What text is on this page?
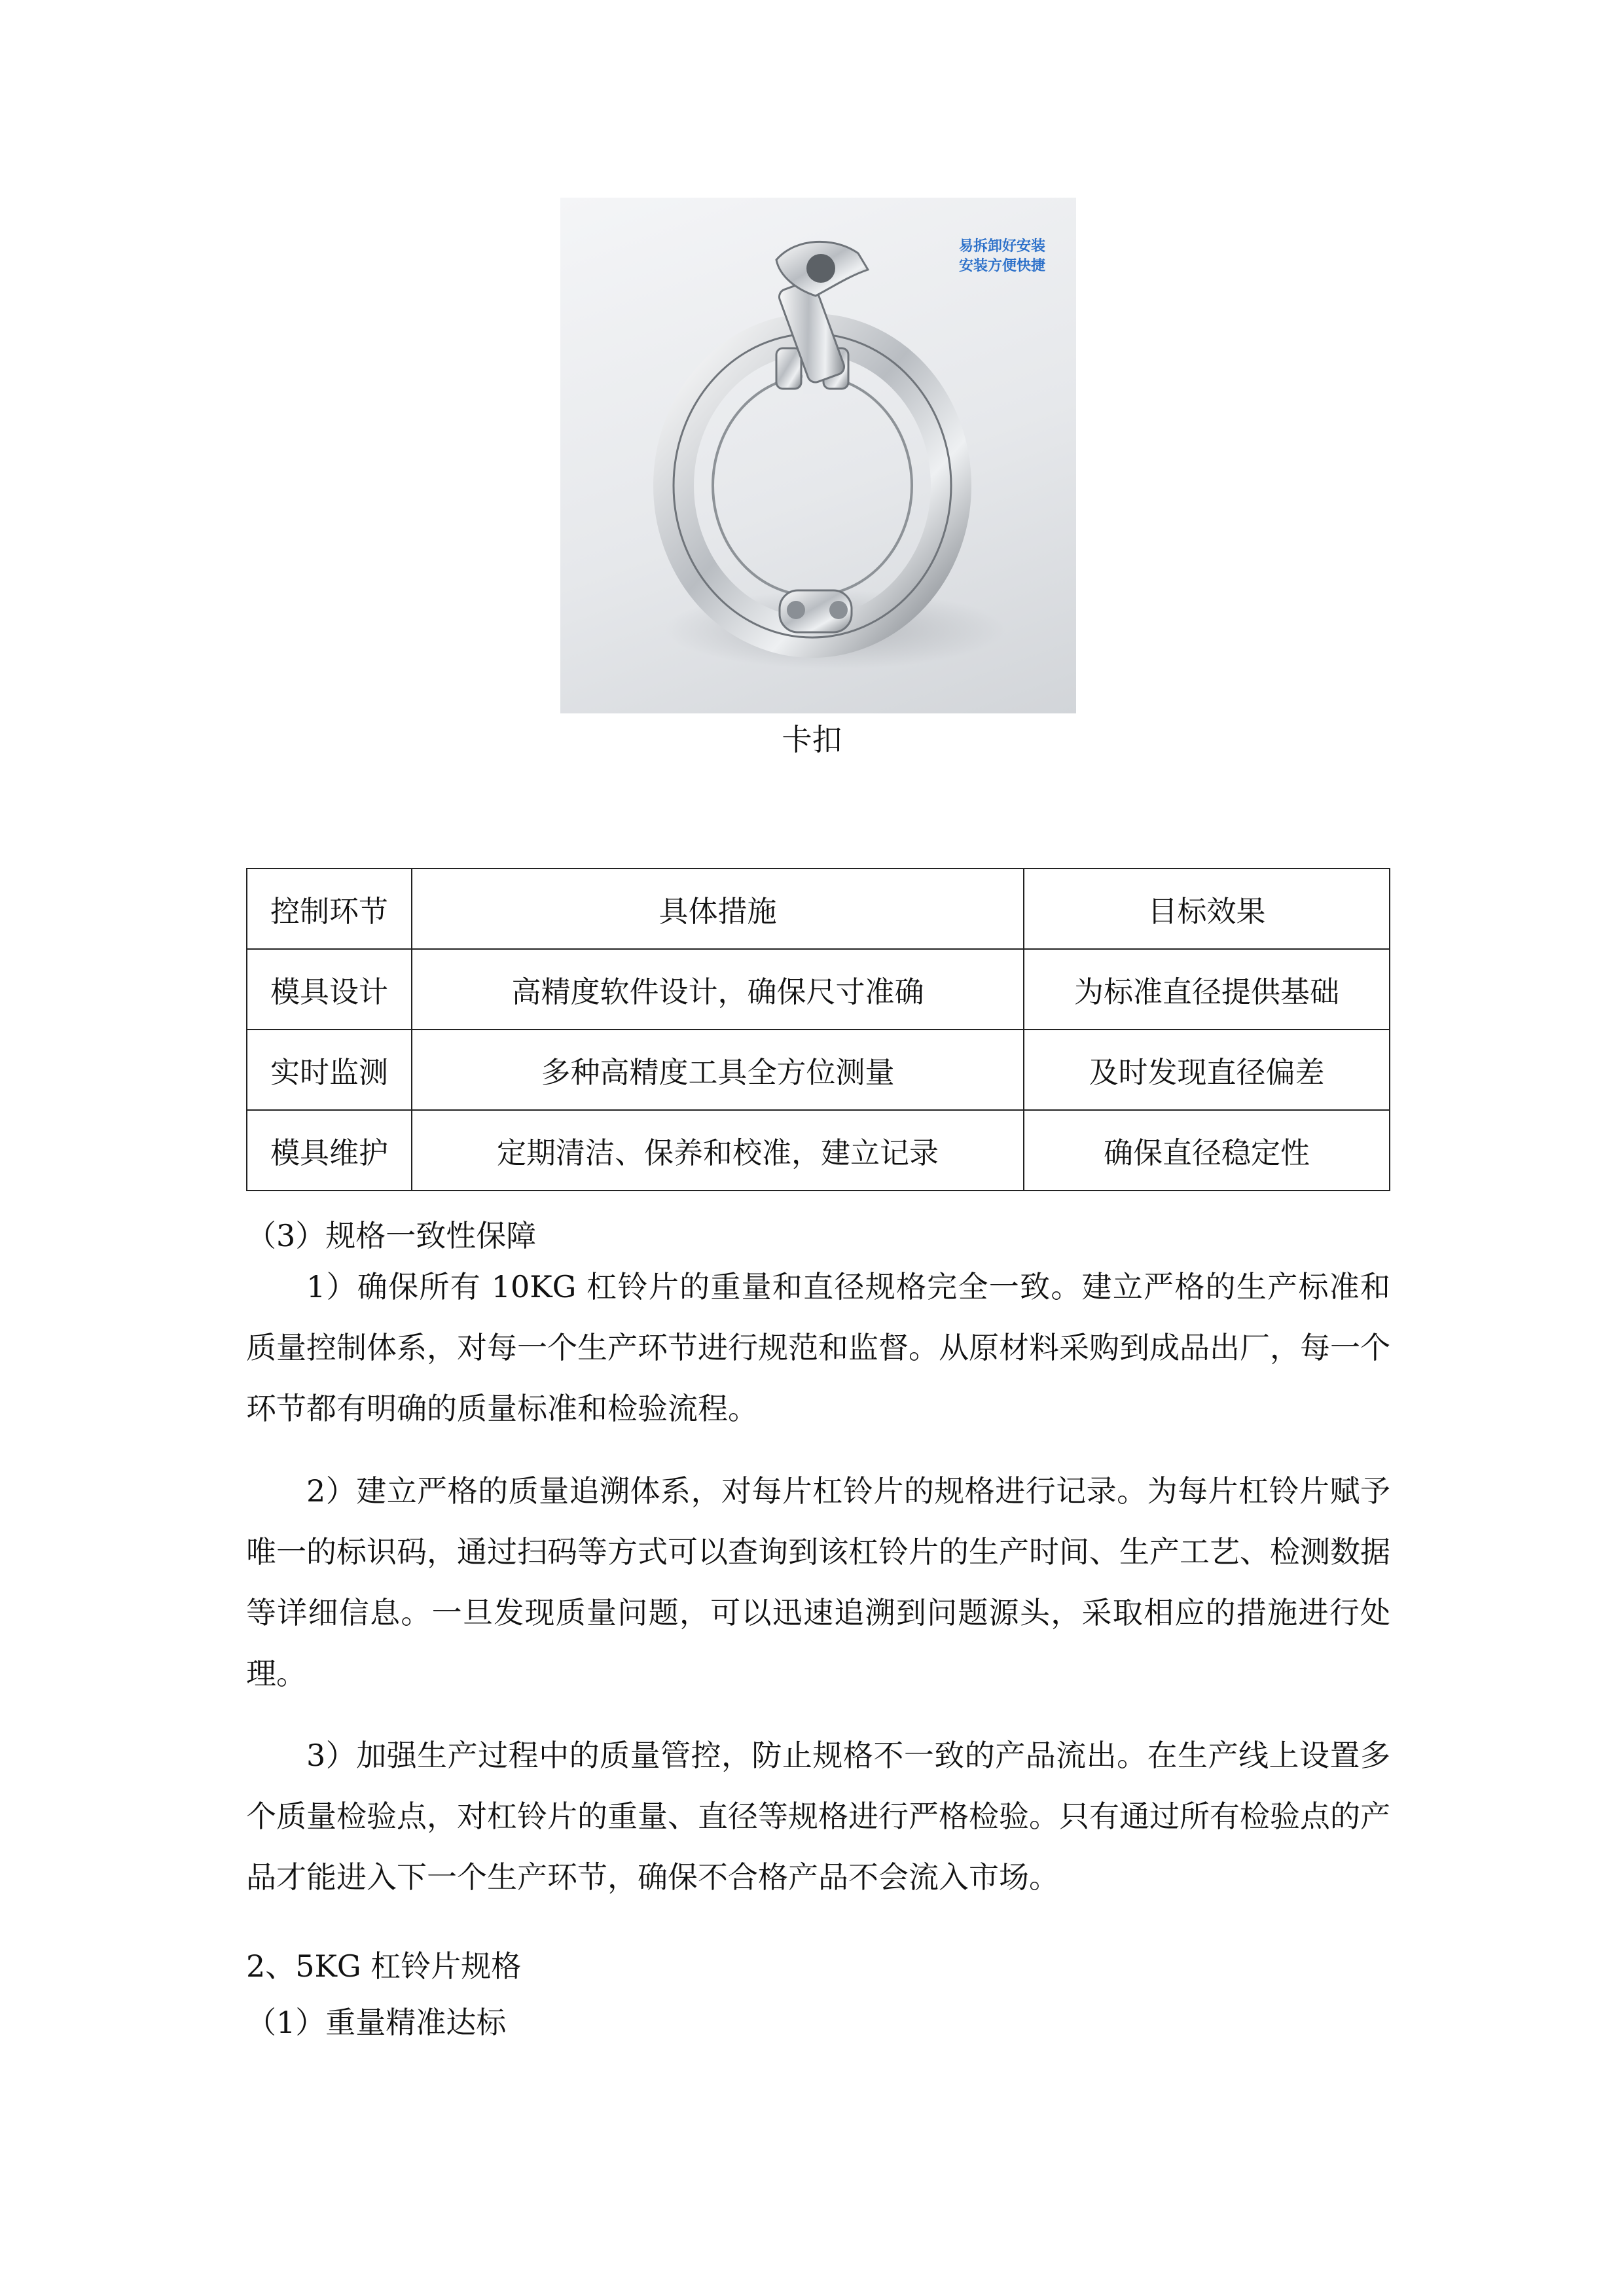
易拆卸好安装
安装方便快捷
卡扣
控制环节	具体措施	目标效果
模具设计	高精度软件设计，确保尺寸准确	为标准直径提供基础
实时监测	多种高精度工具全方位测量	及时发现直径偏差
模具维护	定期清洁、保养和校准，建立记录	确保直径稳定性
（3）规格一致性保障
1）确保所有 10KG 杠铃片的重量和直径规格完全一致。建立严格的生产标准和质量控制体系，对每一个生产环节进行规范和监督。从原材料采购到成品出厂，每一个环节都有明确的质量标准和检验流程。
2）建立严格的质量追溯体系，对每片杠铃片的规格进行记录。为每片杠铃片赋予唯一的标识码，通过扫码等方式可以查询到该杠铃片的生产时间、生产工艺、检测数据等详细信息。一旦发现质量问题，可以迅速追溯到问题源头，采取相应的措施进行处理。
3）加强生产过程中的质量管控，防止规格不一致的产品流出。在生产线上设置多个质量检验点，对杠铃片的重量、直径等规格进行严格检验。只有通过所有检验点的产品才能进入下一个生产环节，确保不合格产品不会流入市场。
2、5KG 杠铃片规格
（1）重量精准达标
